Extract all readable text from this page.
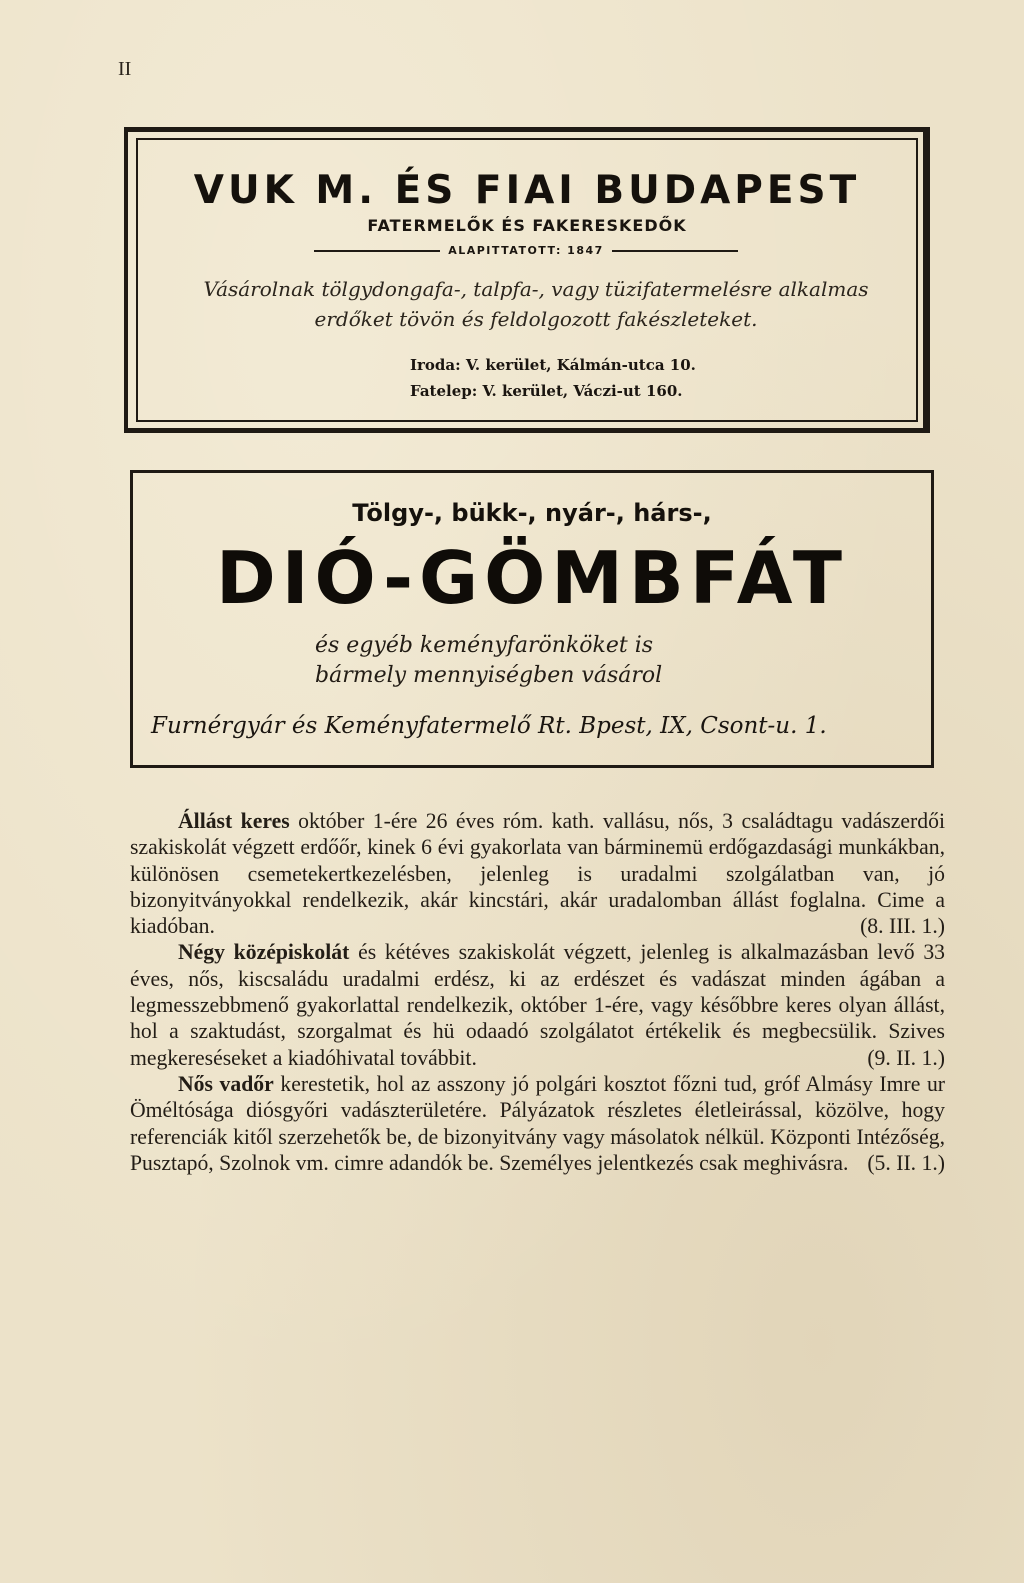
II
VUK M. ÉS FIAI BUDAPEST
FATERMELŐK ÉS FAKERESKEDŐK
ALAPITTATOTT: 1847
Vásárolnak tölgydongafa-, talpfa-, vagy tüzifatermelésre alkalmas erdőket tövön és feldolgozott fakészleteket.
Iroda: V. kerület, Kálmán-utca 10.
Fatelep: V. kerület, Váczi-ut 160.
Tölgy-, bükk-, nyár-, hárs-,
DIÓ-GÖMBFÁT
és egyéb keményfarönköket is
bármely mennyiségben vásárol
Furnérgyár és Keményfatermelő Rt. Bpest, IX, Csont-u. 1.

Állást keres október 1-ére 26 éves róm. kath. vallásu, nős, 3 családtagu vadászerdői szakiskolát végzett erdőőr, kinek 6 évi gyakorlata van bárminemü erdőgazdasági munkákban, különösen csemetekertkezelésben, jelenleg is uradalmi szolgálatban van, jó bizonyitványokkal rendelkezik, akár kincstári, akár uradalomban állást foglalna. Cime a kiadóban.	(8. III. 1.)

Négy középiskolát és kétéves szakiskolát végzett, jelenleg is alkalmazásban levő 33 éves, nős, kiscsaládu uradalmi erdész, ki az erdészet és vadászat minden ágában a legmesszebbmenő gyakorlattal rendelkezik, október 1-ére, vagy későbbre keres olyan állást, hol a szaktudást, szorgalmat és hü odaadó szolgálatot értékelik és megbecsülik. Szives megkereséseket a kiadóhivatal továbbit.	(9. II. 1.)

Nős vadőr kerestetik, hol az asszony jó polgári kosztot főzni tud, gróf Almásy Imre ur Öméltósága diósgyőri vadászterületére. Pályázatok részletes életleirással, közölve, hogy referenciák kitől szerzehetők be, de bizonyitvány vagy másolatok nélkül. Központi Intézőség, Pusztapó, Szolnok vm. cimre adandók be. Személyes jelentkezés csak meghivásra. (5. II. 1.)
